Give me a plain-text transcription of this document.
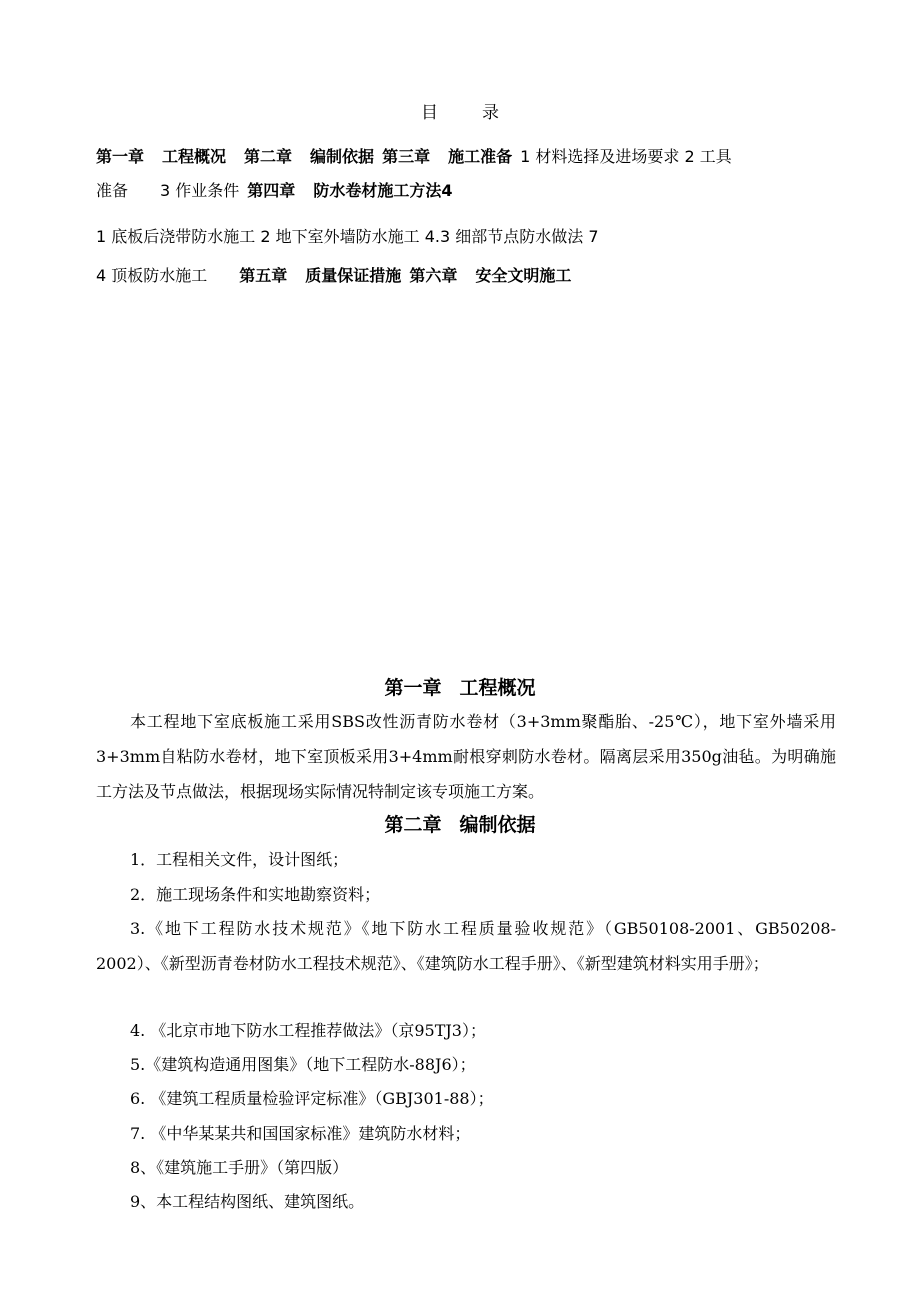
目	录
第一章 工程概况 第二章 编制依据 第三章 施工准备 1 材料选择及进场要求 2 工具
准备 3 作业条件 第四章 防水卷材施工方法4
1 底板后浇带防水施工 2 地下室外墙防水施工 4.3 细部节点防水做法 7
4 顶板防水施工 第五章 质量保证措施 第六章 安全文明施工
第一章 工程概况
本工程地下室底板施工采用SBS改性沥青防水卷材（3+3mm聚酯胎、-25℃），地下室外墙采用3+3mm自粘防水卷材，地下室顶板采用3+4mm耐根穿刺防水卷材。隔离层采用350g油毡。为明确施工方法及节点做法，根据现场实际情况特制定该专项施工方案。
第二章 编制依据
1．工程相关文件，设计图纸；
2．施工现场条件和实地勘察资料；
3.《地下工程防水技术规范》《地下防水工程质量验收规范》（GB50108-2001、GB50208-2002）、《新型沥青卷材防水工程技术规范》、《建筑防水工程手册》、《新型建筑材料实用手册》；
4. 《北京市地下防水工程推荐做法》（京95TJ3）；
5.《建筑构造通用图集》（地下工程防水-88J6）；
6. 《建筑工程质量检验评定标准》（GBJ301-88）；
7. 《中华某某共和国国家标准》建筑防水材料；
8、《建筑施工手册》（第四版）
9、本工程结构图纸、建筑图纸。
